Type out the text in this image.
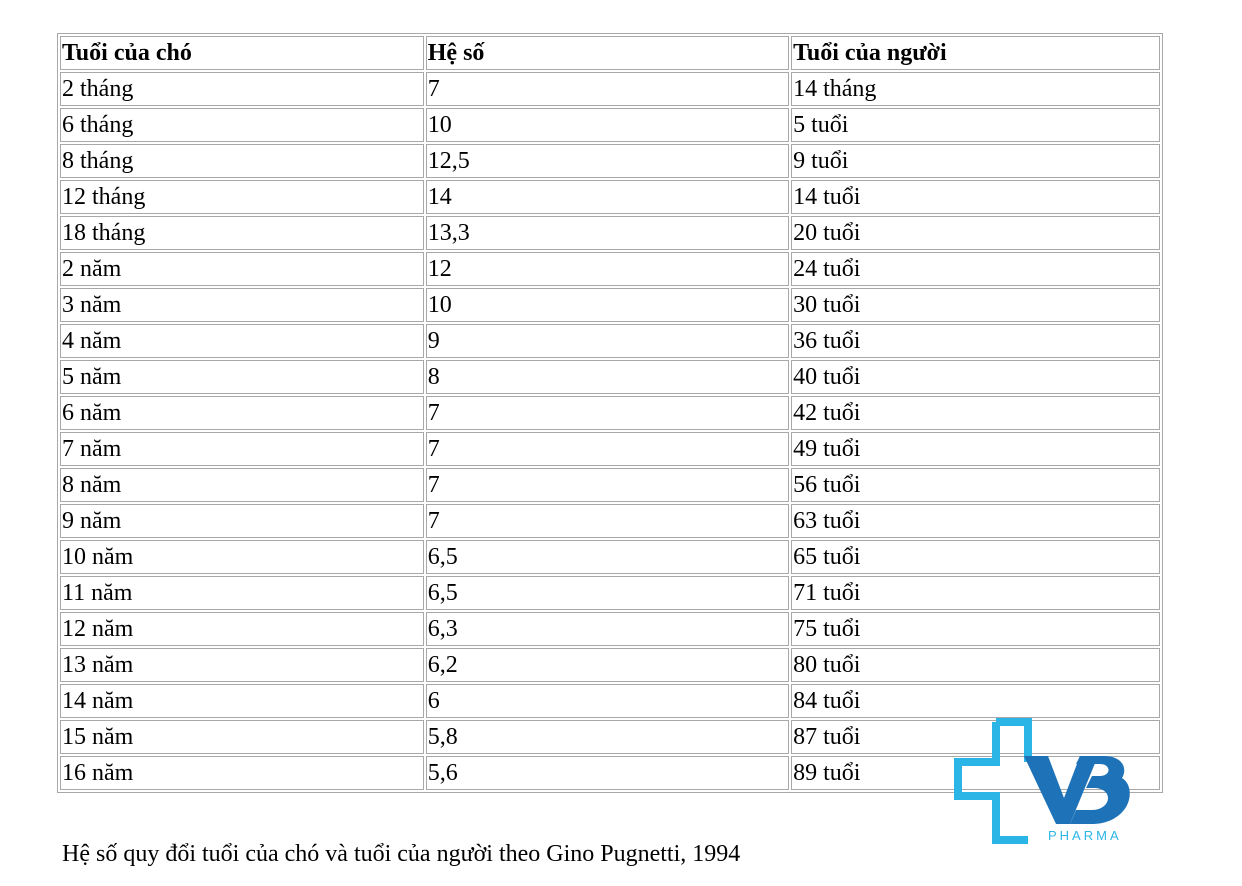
Tuổi của chó	Hệ số	Tuổi của người
2 tháng	7	14 tháng
6 tháng	10	5 tuổi
8 tháng	12,5	9 tuổi
12 tháng	14	14 tuổi
18 tháng	13,3	20 tuổi
2 năm	12	24 tuổi
3 năm	10	30 tuổi
4 năm	9	36 tuổi
5 năm	8	40 tuổi
6 năm	7	42 tuổi
7 năm	7	49 tuổi
8 năm	7	56 tuổi
9 năm	7	63 tuổi
10 năm	6,5	65 tuổi
11 năm	6,5	71 tuổi
12 năm	6,3	75 tuổi
13 năm	6,2	80 tuổi
14 năm	6	84 tuổi
15 năm	5,8	87 tuổi
16 năm	5,6	89 tuổi
Hệ số quy đổi tuổi của chó và tuổi của người theo Gino Pugnetti, 1994
PHARMA
